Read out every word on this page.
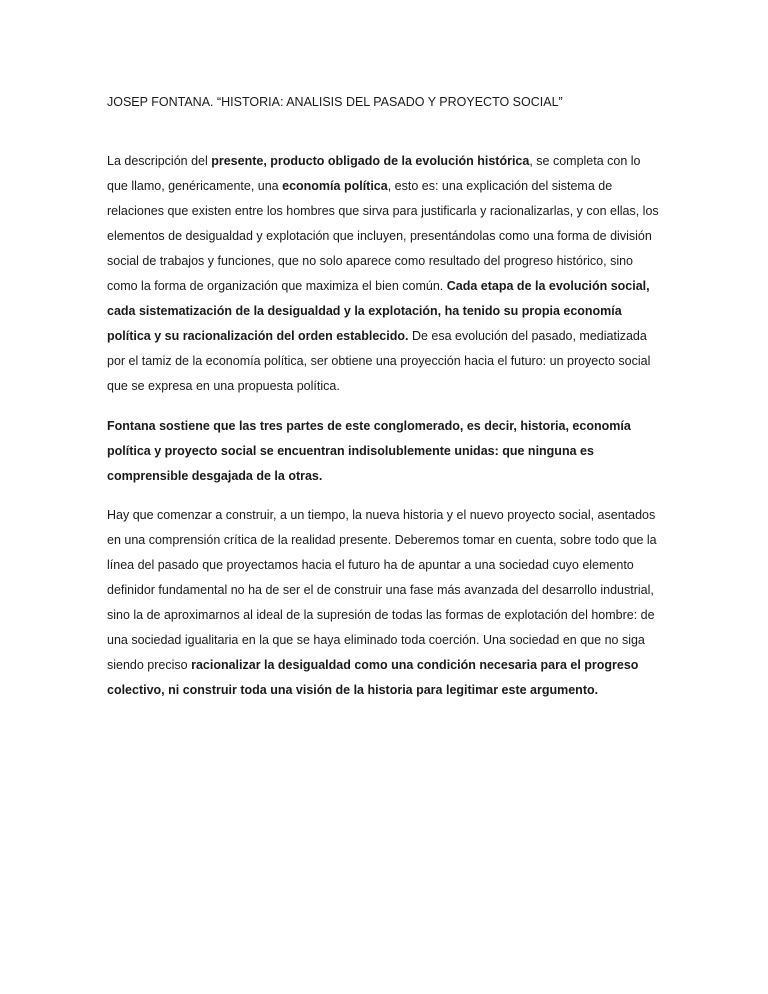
JOSEP FONTANA. “HISTORIA: ANALISIS DEL PASADO Y PROYECTO SOCIAL”

La descripción del presente, producto obligado de la evolución histórica, se completa con lo que llamo, genéricamente, una economía política, esto es: una explicación del sistema de relaciones que existen entre los hombres que sirva para justificarla y racionalizarlas, y con ellas, los elementos de desigualdad y explotación que incluyen, presentándolas como una forma de división social de trabajos y funciones, que no solo aparece como resultado del progreso histórico, sino como la forma de organización que maximiza el bien común. Cada etapa de la evolución social, cada sistematización de la desigualdad y la explotación, ha tenido su propia economía política y su racionalización del orden establecido. De esa evolución del pasado, mediatizada por el tamiz de la economía política, ser obtiene una proyección hacia el futuro: un proyecto social que se expresa en una propuesta política.

Fontana sostiene que las tres partes de este conglomerado, es decir, historia, economía política y proyecto social se encuentran indisolublemente unidas: que ninguna es comprensible desgajada de la otras.

Hay que comenzar a construir, a un tiempo, la nueva historia y el nuevo proyecto social, asentados en una comprensión crítica de la realidad presente. Deberemos tomar en cuenta, sobre todo que la línea del pasado que proyectamos hacia el futuro ha de apuntar a una sociedad cuyo elemento definidor fundamental no ha de ser el de construir una fase más avanzada del desarrollo industrial, sino la de aproximarnos al ideal de la supresión de todas las formas de explotación del hombre: de una sociedad igualitaria en la que se haya eliminado toda coerción. Una sociedad en que no siga siendo preciso racionalizar la desigualdad como una condición necesaria para el progreso colectivo, ni construir toda una visión de la historia para legitimar este argumento.
